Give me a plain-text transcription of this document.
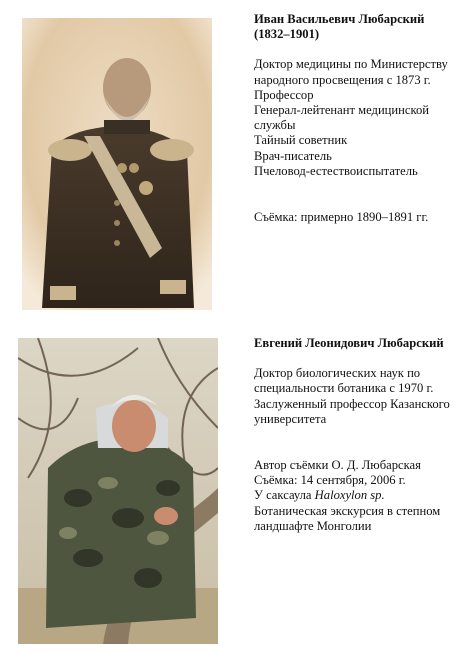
Иван Васильевич Любарский
(1832–1901)
Доктор медицины по Министерству народного просвещения с 1873 г.
Профессор
Генерал-лейтенант медицинской службы
Тайный советник
Врач-писатель
Пчеловод-естествоиспытатель
Съёмка: примерно 1890–1891 гг.
Евгений Леонидович Любарский
Доктор биологических наук по специальности ботаника с 1970 г.
Заслуженный профессор Казанского университета
Автор съёмки О. Д. Любарская
Съёмка: 14 сентября, 2006 г.
У саксаула Haloxylon sp.
Ботаническая экскурсия в степном ландшафте Монголии
